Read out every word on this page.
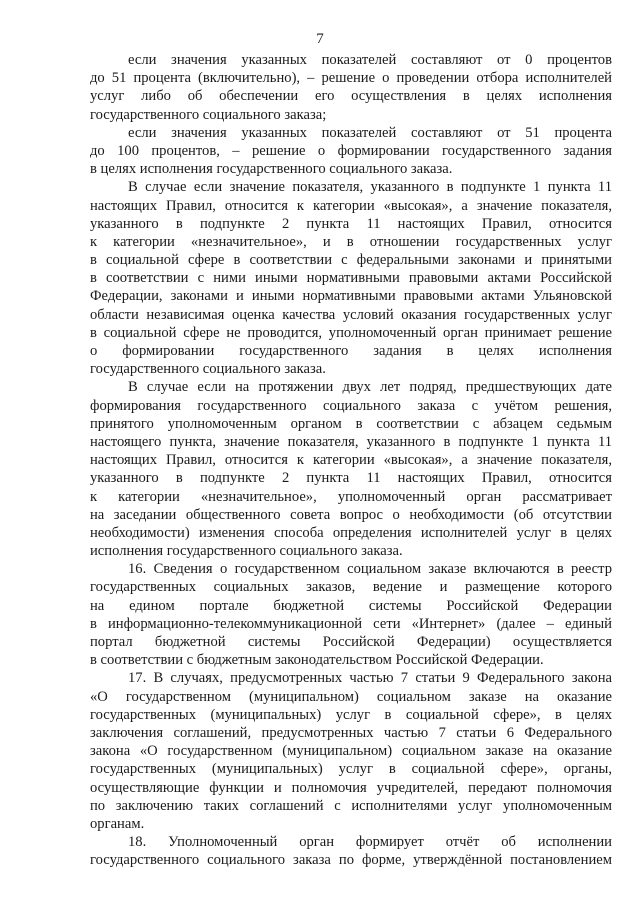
7
если значения указанных показателей составляют от 0 процентов
до 51 процента (включительно), – решение о проведении отбора исполнителей
услуг либо об обеспечении его осуществления в целях исполнения
государственного социального заказа;
если значения указанных показателей составляют от 51 процента
до 100 процентов, – решение о формировании государственного задания
в целях исполнения государственного социального заказа.
В случае если значение показателя, указанного в подпункте 1 пункта 11
настоящих Правил, относится к категории «высокая», а значение показателя,
указанного в подпункте 2 пункта 11 настоящих Правил, относится
к категории «незначительное», и в отношении государственных услуг
в социальной сфере в соответствии с федеральными законами и принятыми
в соответствии с ними иными нормативными правовыми актами Российской
Федерации, законами и иными нормативными правовыми актами Ульяновской
области независимая оценка качества условий оказания государственных услуг
в социальной сфере не проводится, уполномоченный орган принимает решение
о формировании государственного задания в целях исполнения
государственного социального заказа.
В случае если на протяжении двух лет подряд, предшествующих дате
формирования государственного социального заказа с учётом решения,
принятого уполномоченным органом в соответствии с абзацем седьмым
настоящего пункта, значение показателя, указанного в подпункте 1 пункта 11
настоящих Правил, относится к категории «высокая», а значение показателя,
указанного в подпункте 2 пункта 11 настоящих Правил, относится
к категории «незначительное», уполномоченный орган рассматривает
на заседании общественного совета вопрос о необходимости (об отсутствии
необходимости) изменения способа определения исполнителей услуг в целях
исполнения государственного социального заказа.
16. Сведения о государственном социальном заказе включаются в реестр
государственных социальных заказов, ведение и размещение которого
на едином портале бюджетной системы Российской Федерации
в информационно-телекоммуникационной сети «Интернет» (далее – единый
портал бюджетной системы Российской Федерации) осуществляется
в соответствии с бюджетным законодательством Российской Федерации.
17. В случаях, предусмотренных частью 7 статьи 9 Федерального закона
«О государственном (муниципальном) социальном заказе на оказание
государственных (муниципальных) услуг в социальной сфере», в целях
заключения соглашений, предусмотренных частью 7 статьи 6 Федерального
закона «О государственном (муниципальном) социальном заказе на оказание
государственных (муниципальных) услуг в социальной сфере», органы,
осуществляющие функции и полномочия учредителей, передают полномочия
по заключению таких соглашений с исполнителями услуг уполномоченным
органам.
18. Уполномоченный орган формирует отчёт об исполнении
государственного социального заказа по форме, утверждённой постановлением
